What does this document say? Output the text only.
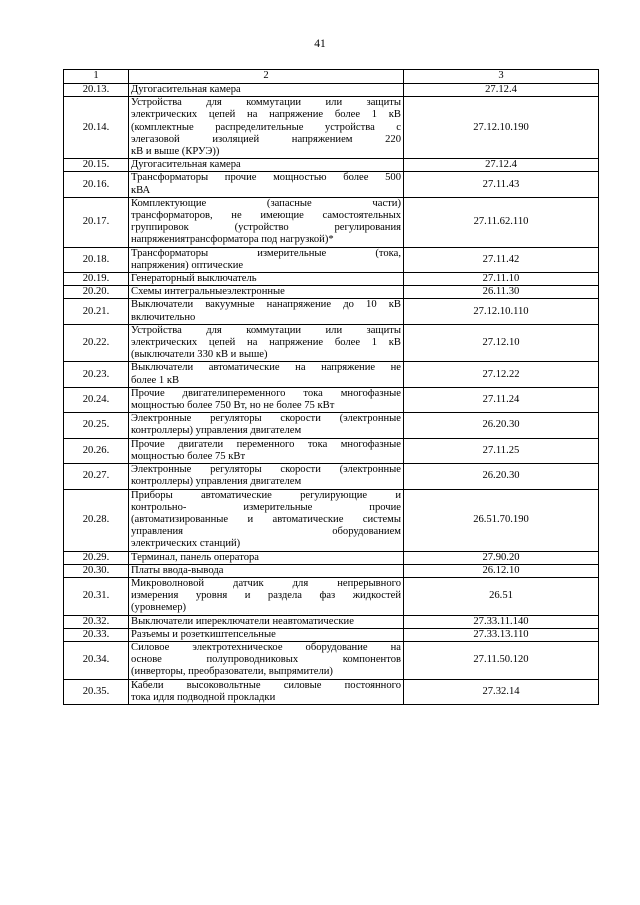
41
1	2	3
20.13.	Дугогасительная камера	27.12.4
20.14.	Устройства для коммутации или защиты
электрических цепей на напряжение более 1 кВ
(комплектные распределительные устройства с
элегазовой изоляцией напряжением 220
кВ и выше (КРУЭ))	27.12.10.190
20.15.	Дугогасительная камера	27.12.4
20.16.	Трансформаторы прочие мощностью более 500
кВА	27.11.43
20.17.	Комплектующие (запасные части)
трансформаторов, не имеющие самостоятельных
группировок (устройство регулирования
напряжениятрансформатора под нагрузкой)*	27.11.62.110
20.18.	Трансформаторы измерительные (тока,
напряжения) оптические	27.11.42
20.19.	Генераторный выключатель	27.11.10
20.20.	Схемы интегральныеэлектронные	26.11.30
20.21.	Выключатели вакуумные нанапряжение до 10 кВ
включительно	27.12.10.110
20.22.	Устройства для коммутации или защиты
электрических цепей на напряжение более 1 кВ
(выключатели 330 кВ и выше)	27.12.10
20.23.	Выключатели автоматические на напряжение не
более 1 кВ	27.12.22
20.24.	Прочие двигателипеременного тока многофазные
мощностью более 750 Вт, но не более 75 кВт	27.11.24
20.25.	Электронные регуляторы скорости (электронные
контроллеры) управления двигателем	26.20.30
20.26.	Прочие двигатели переменного тока многофазные
мощностью более 75 кВт	27.11.25
20.27.	Электронные регуляторы скорости (электронные
контроллеры) управления двигателем	26.20.30
20.28.	Приборы автоматические регулирующие и
контрольно- измерительные прочие
(автоматизированные и автоматические системы
управления оборудованием
электрических станций)	26.51.70.190
20.29.	Терминал, панель оператора	27.90.20
20.30.	Платы ввода-вывода	26.12.10
20.31.	Микроволновой датчик для непрерывного
измерения уровня и раздела фаз жидкостей
(уровнемер)	26.51
20.32.	Выключатели ипереключатели неавтоматические	27.33.11.140
20.33.	Разъемы и розеткиштепсельные	27.33.13.110
20.34.	Силовое электротехническое оборудование на
основе полупроводниковых компонентов
(инверторы, преобразователи, выпрямители)	27.11.50.120
20.35.	Кабели высоковольтные силовые постоянного
тока идля подводной прокладки	27.32.14
